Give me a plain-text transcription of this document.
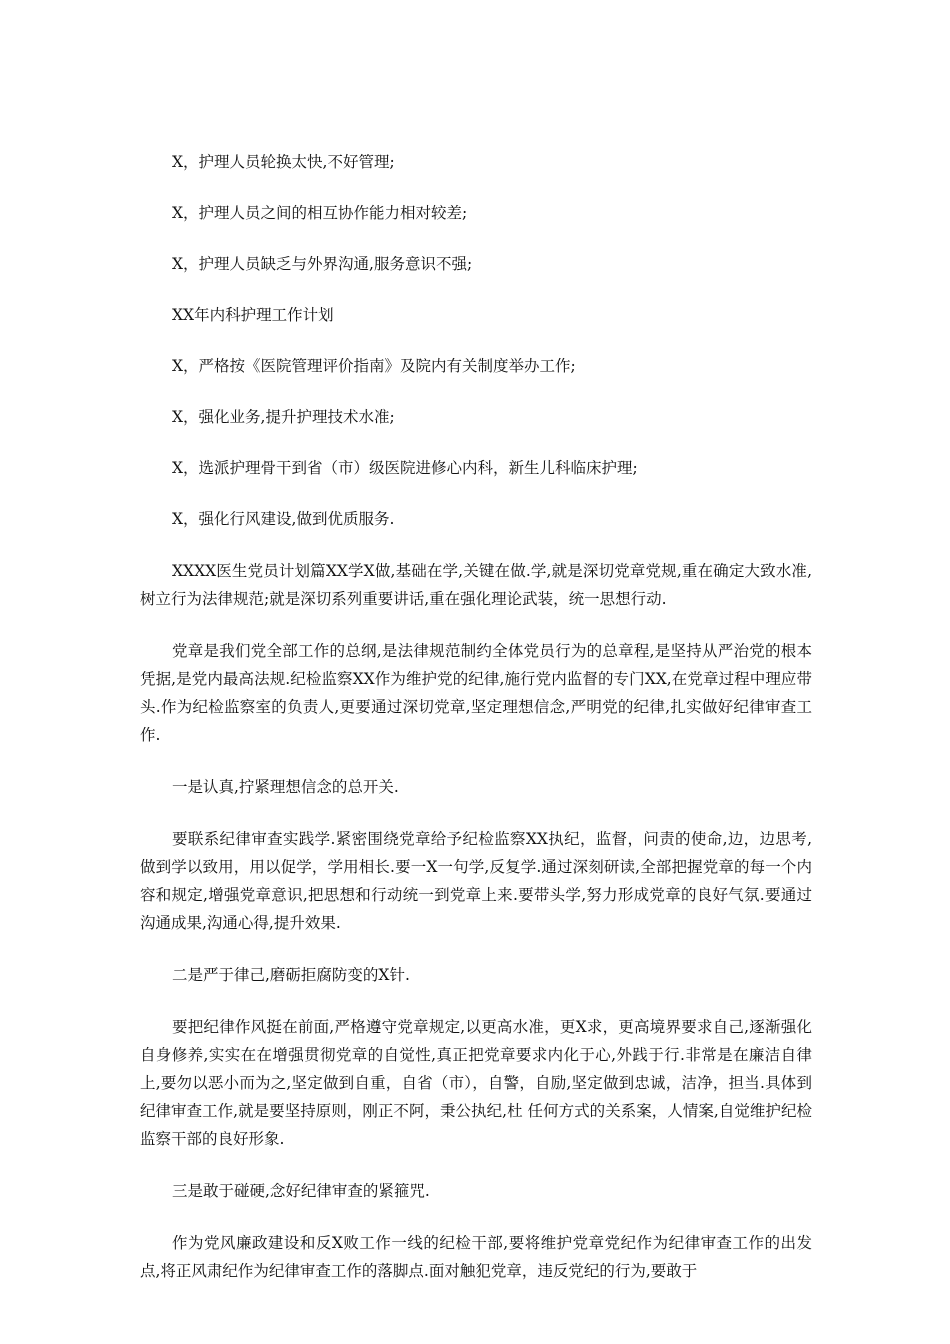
X，护理人员轮换太快,不好管理;

X，护理人员之间的相互协作能力相对较差;

X，护理人员缺乏与外界沟通,服务意识不强;

XX年内科护理工作计划

X，严格按《医院管理评价指南》及院内有关制度举办工作;

X，强化业务,提升护理技术水准;

X，选派护理骨干到省（市）级医院进修心内科，新生儿科临床护理;

X，强化行风建设,做到优质服务.

XXXX医生党员计划篇XX学X做,基础在学,关键在做.学,就是深切党章党规,重在确定大致水准,树立行为法律规范;就是深切系列重要讲话,重在强化理论武装，统一思想行动.

党章是我们党全部工作的总纲,是法律规范制约全体党员行为的总章程,是坚持从严治党的根本凭据,是党内最高法规.纪检监察XX作为维护党的纪律,施行党内监督的专门XX,在党章过程中理应带头.作为纪检监察室的负责人,更要通过深切党章,坚定理想信念,严明党的纪律,扎实做好纪律审查工作.

一是认真,拧紧理想信念的总开关.

要联系纪律审查实践学.紧密围绕党章给予纪检监察XX执纪，监督，问责的使命,边，边思考,做到学以致用，用以促学，学用相长.要一X一句学,反复学.通过深刻研读,全部把握党章的每一个内容和规定,增强党章意识,把思想和行动统一到党章上来.要带头学,努力形成党章的良好气氛.要通过沟通成果,沟通心得,提升效果.

二是严于律己,磨砺拒腐防变的X针.

要把纪律作风挺在前面,严格遵守党章规定,以更高水准，更X求，更高境界要求自己,逐渐强化自身修养,实实在在增强贯彻党章的自觉性,真正把党章要求内化于心,外践于行.非常是在廉洁自律上,要勿以恶小而为之,坚定做到自重，自省（市），自警，自励,坚定做到忠诚，洁净，担当.具体到纪律审查工作,就是要坚持原则，刚正不阿，秉公执纪,杜 任何方式的关系案，人情案,自觉维护纪检监察干部的良好形象.

三是敢于碰硬,念好纪律审查的紧箍咒.

作为党风廉政建设和反X败工作一线的纪检干部,要将维护党章党纪作为纪律审查工作的出发点,将正风肃纪作为纪律审查工作的落脚点.面对触犯党章，违反党纪的行为,要敢于
